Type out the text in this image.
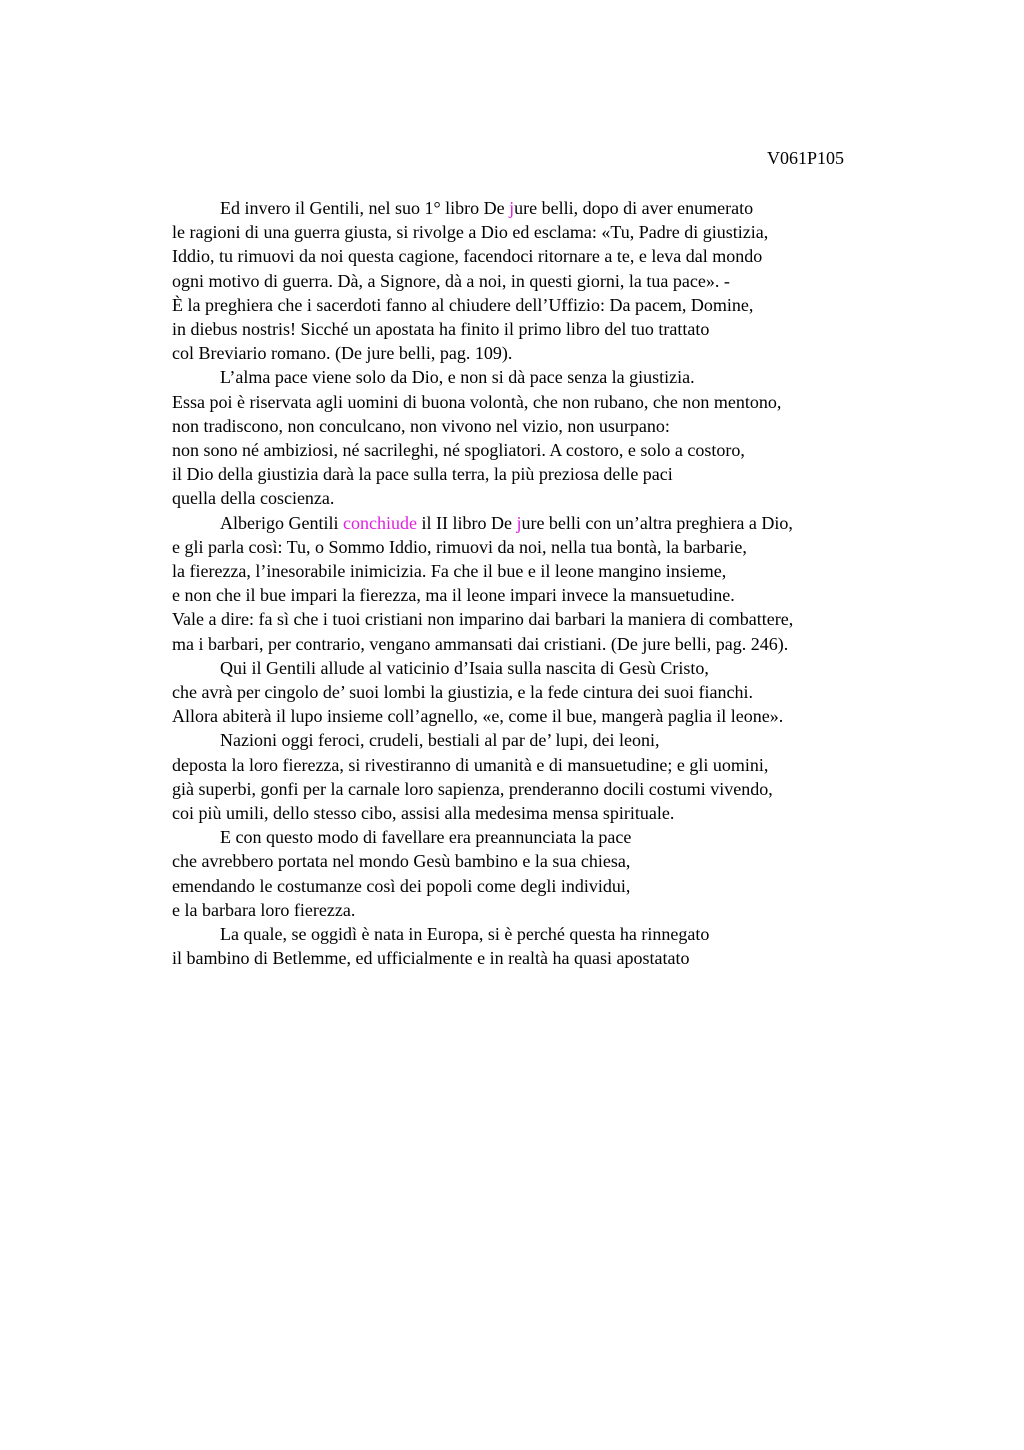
V061P105
Ed invero il Gentili, nel suo 1° libro De jure belli, dopo di aver enumerato
le ragioni di una guerra giusta, si rivolge a Dio ed esclama: «Tu, Padre di giustizia,
Iddio, tu rimuovi da noi questa cagione, facendoci ritornare a te, e leva dal mondo
ogni motivo di guerra. Dà, a Signore, dà a noi, in questi giorni, la tua pace». -
È la preghiera che i sacerdoti fanno al chiudere dell’Uffizio: Da pacem, Domine,
in diebus nostris! Sicché un apostata ha finito il primo libro del tuo trattato
col Breviario romano. (De jure belli, pag. 109).
L’alma pace viene solo da Dio, e non si dà pace senza la giustizia.
Essa poi è riservata agli uomini di buona volontà, che non rubano, che non mentono,
non tradiscono, non conculcano, non vivono nel vizio, non usurpano:
non sono né ambiziosi, né sacrileghi, né spogliatori. A costoro, e solo a costoro,
il Dio della giustizia darà la pace sulla terra, la più preziosa delle paci
quella della coscienza.
Alberigo Gentili conchiude il II libro De jure belli con un’altra preghiera a Dio,
e gli parla così: Tu, o Sommo Iddio, rimuovi da noi, nella tua bontà, la barbarie,
la fierezza, l’inesorabile inimicizia. Fa che il bue e il leone mangino insieme,
e non che il bue impari la fierezza, ma il leone impari invece la mansuetudine.
Vale a dire: fa sì che i tuoi cristiani non imparino dai barbari la maniera di combattere,
ma i barbari, per contrario, vengano ammansati dai cristiani. (De jure belli, pag. 246).
Qui il Gentili allude al vaticinio d’Isaia sulla nascita di Gesù Cristo,
che avrà per cingolo de’ suoi lombi la giustizia, e la fede cintura dei suoi fianchi.
Allora abiterà il lupo insieme coll’agnello, «e, come il bue, mangerà paglia il leone».
Nazioni oggi feroci, crudeli, bestiali al par de’ lupi, dei leoni,
deposta la loro fierezza, si rivestiranno di umanità e di mansuetudine; e gli uomini,
già superbi, gonfi per la carnale loro sapienza, prenderanno docili costumi vivendo,
coi più umili, dello stesso cibo, assisi alla medesima mensa spirituale.
E con questo modo di favellare era preannunciata la pace
che avrebbero portata nel mondo Gesù bambino e la sua chiesa,
emendando le costumanze così dei popoli come degli individui,
e la barbara loro fierezza.
La quale, se oggidì è nata in Europa, si è perché questa ha rinnegato
il bambino di Betlemme, ed ufficialmente e in realtà ha quasi apostatato
